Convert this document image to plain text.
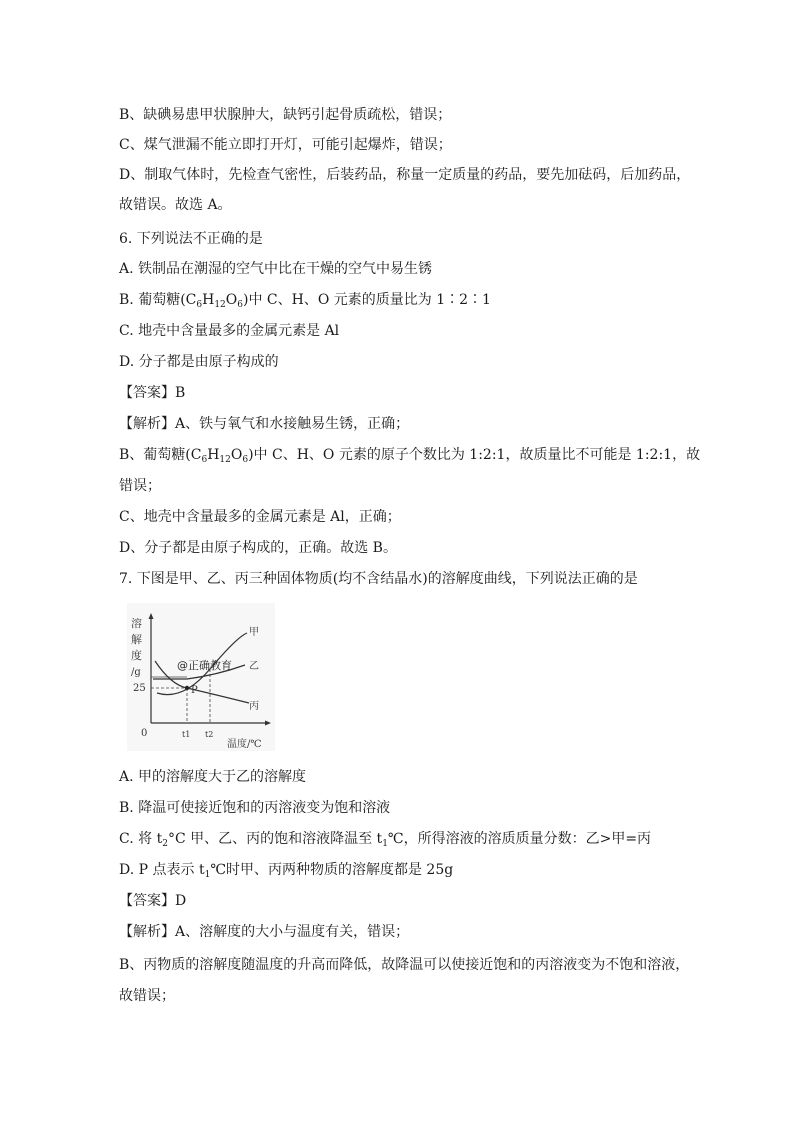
B、缺碘易患甲状腺肿大，缺钙引起骨质疏松，错误；
C、煤气泄漏不能立即打开灯，可能引起爆炸，错误；
D、制取气体时，先检查气密性，后装药品，称量一定质量的药品，要先加砝码，后加药品，
故错误。故选 A。
6. 下列说法不正确的是
A. 铁制品在潮湿的空气中比在干燥的空气中易生锈
B. 葡萄糖$(C_6H_{12}O_6)$中 C、H、O 元素的质量比为 1∶2∶1
C. 地壳中含量最多的金属元素是 Al
D. 分子都是由原子构成的
【答案】B
【解析】A、铁与氧气和水接触易生锈，正确；
B、葡萄糖$(C_6H_{12}O_6)$中 C、H、O 元素的原子个数比为 1:2:1，故质量比不可能是 1:2:1，故
错误；
C、地壳中含量最多的金属元素是 Al，正确；
D、分子都是由原子构成的，正确。故选 B。
7. 下图是甲、乙、丙三种固体物质(均不含结晶水)的溶解度曲线，下列说法正确的是
溶
解
度
/g
P
甲
乙
丙
25
0	t1 t2
温度/℃
@正确教育
A. 甲的溶解度大于乙的溶解度
B. 降温可使接近饱和的丙溶液变为饱和溶液
C. 将 $t_2^\circ C$ 甲、乙、丙的饱和溶液降温至 $t_1℃$，所得溶液的溶质质量分数：乙>甲=丙
D. P 点表示 $t_1℃$时甲、丙两种物质的溶解度都是 25g
【答案】D
【解析】A、溶解度的大小与温度有关，错误；
B、丙物质的溶解度随温度的升高而降低，故降温可以使接近饱和的丙溶液变为不饱和溶液，
故错误；
